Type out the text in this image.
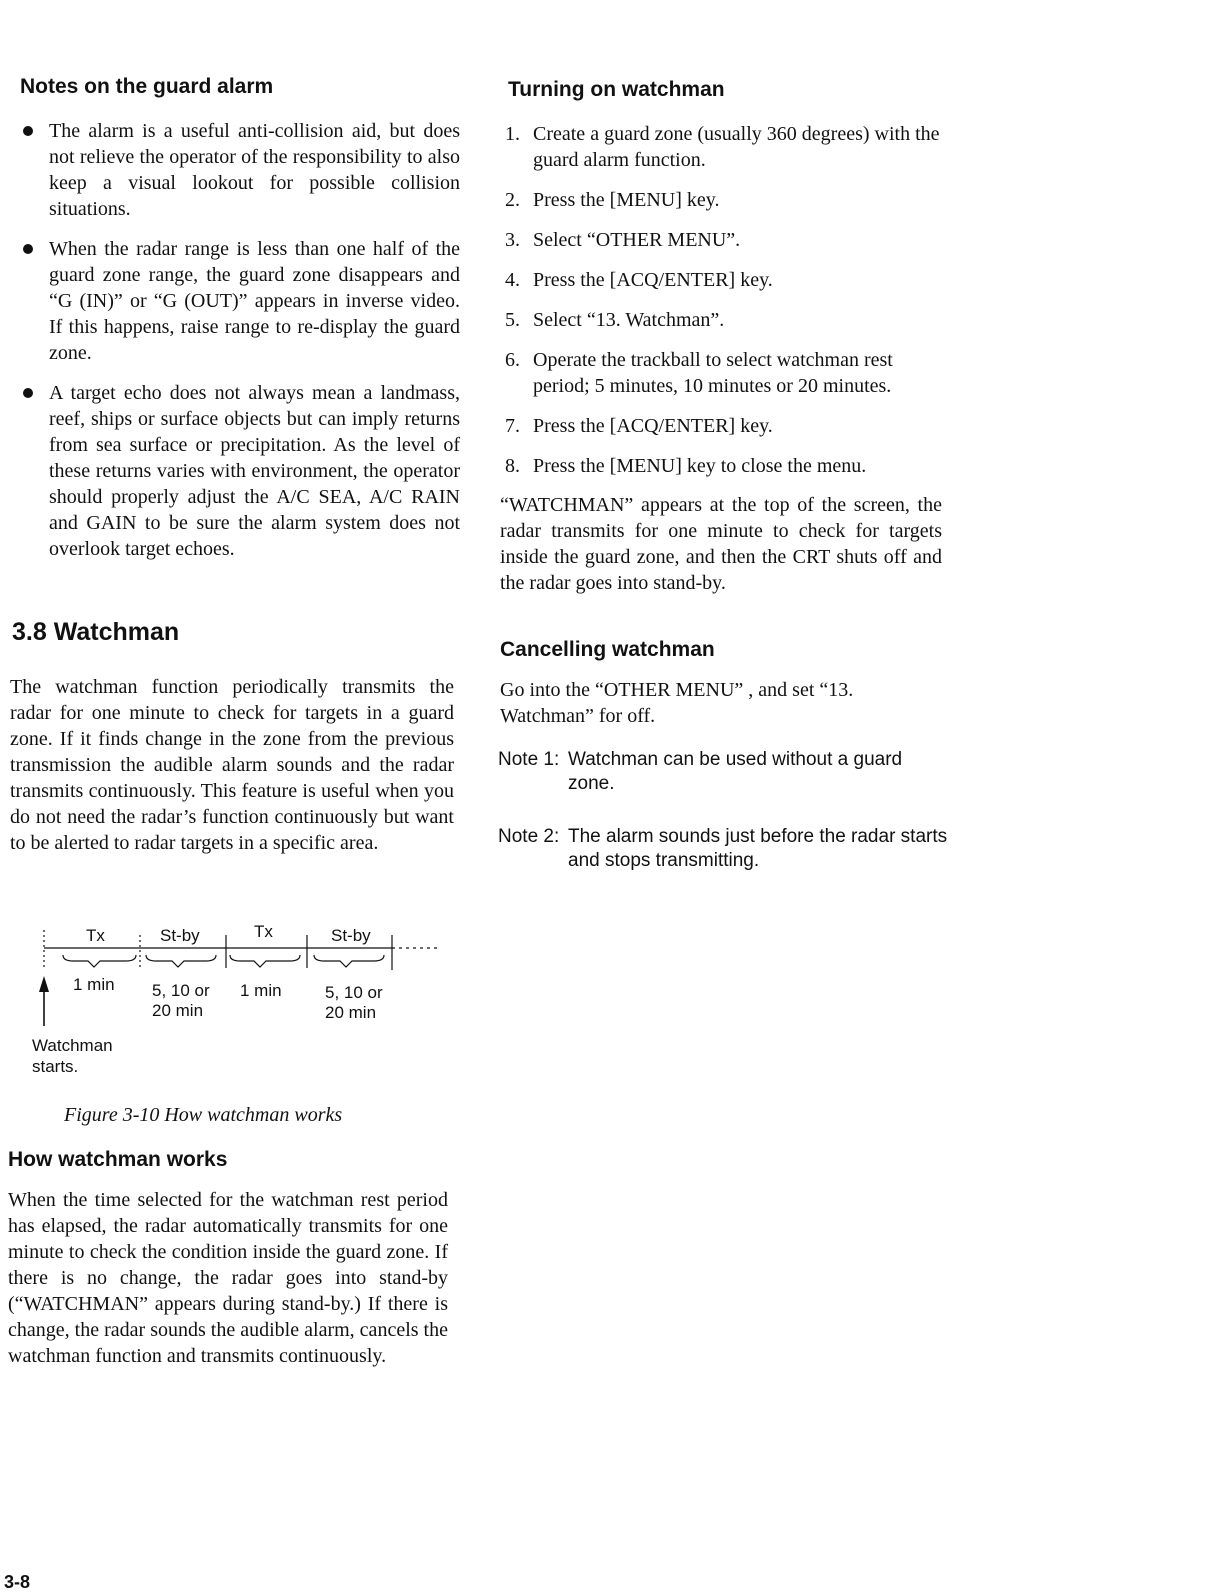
Notes on the guard alarm
The alarm is a useful anti-collision aid, but does not relieve the operator of the responsibility to also keep a visual lookout for possible collision situations.
When the radar range is less than one half of the guard zone range, the guard zone disappears and “G (IN)” or “G (OUT)” appears in inverse video. If this happens, raise range to re-display the guard zone.
A target echo does not always mean a landmass, reef, ships or surface objects but can imply returns from sea surface or precipitation. As the level of these returns varies with environment, the operator should properly adjust the A/C SEA, A/C RAIN and GAIN to be sure the alarm system does not overlook target echoes.
3.8 Watchman

The watchman function periodically transmits the radar for one minute to check for targets in a guard zone. If it finds change in the zone from the previous transmission the audible alarm sounds and the radar transmits continuously. This feature is useful when you do not need the radar’s function continuously but want to be alerted to radar targets in a specific area.

Tx	St-by	Tx	St-by
1 min 5, 10 or
20 min
1 min	5, 10 or
20 min
Watchman
starts.

Figure 3-10 How watchman works

How watchman works

When the time selected for the watchman rest period has elapsed, the radar automatically transmits for one minute to check the condition inside the guard zone. If there is no change, the radar goes into stand-by (“WATCHMAN” appears during stand-by.) If there is change, the radar sounds the audible alarm, cancels the watchman function and transmits continuously.

Turning on watchman
1. Create a guard zone (usually 360 degrees) with the guard alarm function.
2. Press the [MENU] key.
3. Select “OTHER MENU”.
4. Press the [ACQ/ENTER] key.
5. Select “13. Watchman”.
6. Operate the trackball to select watchman rest period; 5 minutes, 10 minutes or 20 minutes.
7. Press the [ACQ/ENTER] key.
8. Press the [MENU] key to close the menu.

“WATCHMAN” appears at the top of the screen, the radar transmits for one minute to check for targets inside the guard zone, and then the CRT shuts off and the radar goes into stand-by.

Cancelling watchman

Go into the “OTHER MENU” , and set “13. Watchman” for off.

Note 1: Watchman can be used without a guard zone.
Note 2: The alarm sounds just before the radar starts and stops transmitting.
3-8
